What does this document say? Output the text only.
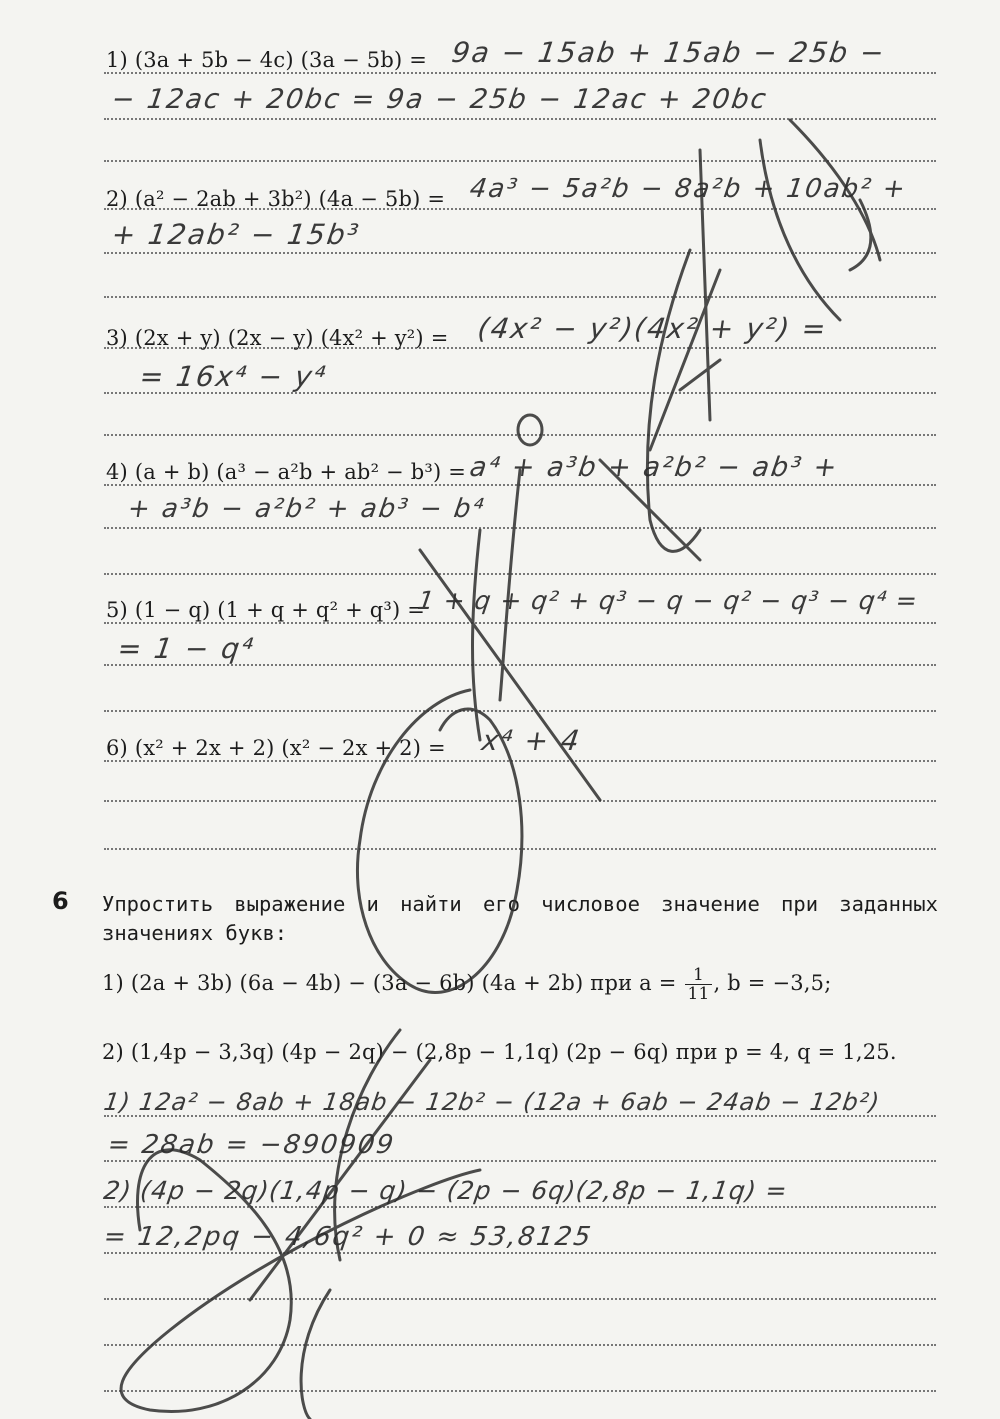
1) (3a + 5b − 4c) (3a − 5b) =
2) (a² − 2ab + 3b²) (4a − 5b) =
3) (2x + y) (2x − y) (4x² + y²) =
4) (a + b) (a³ − a²b + ab² − b³) =
5) (1 − q) (1 + q + q² + q³) =
6) (x² + 2x + 2) (x² − 2x + 2) =
9a − 15ab + 15ab − 25b −
− 12ac + 20bc = 9a − 25b − 12ac + 20bc
4a³ − 5a²b − 8a²b + 10ab² +
+ 12ab² − 15b³
(4x² − y²)(4x² + y²) =
= 16x⁴ − y⁴
a⁴ + a³b + a²b² − ab³ +
+ a³b − a²b² + ab³ − b⁴
1 + q + q² + q³ − q − q² − q³ − q⁴ =
= 1 − q⁴
x⁴ + 4
6 Упростить выражение и найти его числовое значение при заданных значениях букв:
1) (2a + 3b) (6a − 4b) − (3a − 6b) (4a + 2b) при $a = \frac{1}{11}$ , b = −3,5;
2) (1,4p − 3,3q) (4p − 2q) − (2,8p − 1,1q) (2p − 6q) при p = 4, q = 1,25.
1) 12a² − 8ab + 18ab − 12b² − (12a + 6ab − 24ab − 12b²)
= 28ab = −890909
2) (4p − 2q)(1,4p − q) − (2p − 6q)(2,8p − 1,1q) =
= 12,2pq − 4,6q² + 0 ≈ 53,8125
